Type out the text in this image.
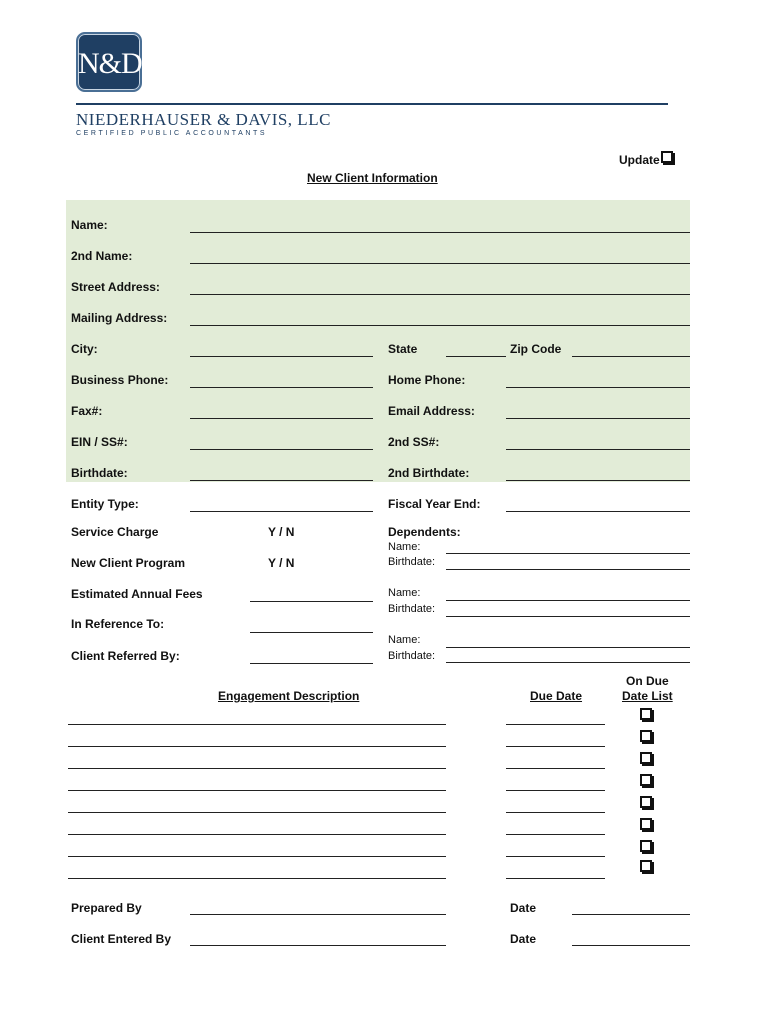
N&D
NIEDERHAUSER & DAVIS, LLC
CERTIFIED PUBLIC ACCOUNTANTS
Update
New Client Information
Name:
2nd Name:
Street Address:
Mailing Address:
City:	State	Zip Code
Business Phone:	Home Phone:
Fax#:	Email Address:
EIN / SS#:	2nd SS#:
Birthdate:	2nd Birthdate:
Entity Type:	Fiscal Year End:
Service Charge	Y / N
New Client Program	Y / N
Dependents:
Name:
Birthdate:
Name:
Birthdate:
Name:
Birthdate:
Estimated Annual Fees
In Reference To:
Client Referred By:
Engagement Description	Due Date
On Due
Date List
Prepared By	Date
Client Entered By	Date
